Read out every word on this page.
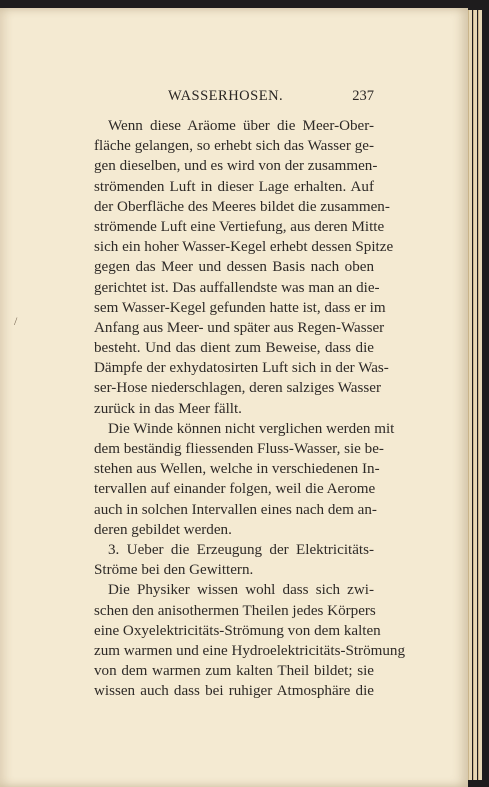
WASSERHOSEN.	237
/
Wenn diese Aräome über die Meer-Ober-
fläche gelangen, so erhebt sich das Wasser ge-
gen dieselben, und es wird von der zusammen-
strömenden Luft in dieser Lage erhalten. Auf
der Oberfläche des Meeres bildet die zusammen-
strömende Luft eine Vertiefung, aus deren Mitte
sich ein hoher Wasser-Kegel erhebt dessen Spitze
gegen das Meer und dessen Basis nach oben
gerichtet ist. Das auffallendste was man an die-
sem Wasser-Kegel gefunden hatte ist, dass er im
Anfang aus Meer- und später aus Regen-Wasser
besteht. Und das dient zum Beweise, dass die
Dämpfe der exhydatosirten Luft sich in der Was-
ser-Hose niederschlagen, deren salziges Wasser
zurück in das Meer fällt.
Die Winde können nicht verglichen werden mit
dem beständig fliessenden Fluss-Wasser, sie be-
stehen aus Wellen, welche in verschiedenen In-
tervallen auf einander folgen, weil die Aerome
auch in solchen Intervallen eines nach dem an-
deren gebildet werden.
3. Ueber die Erzeugung der Elektricitäts-
Ströme bei den Gewittern.
Die Physiker wissen wohl dass sich zwi-
schen den anisothermen Theilen jedes Körpers
eine Oxyelektricitäts-Strömung von dem kalten
zum warmen und eine Hydroelektricitäts-Strömung
von dem warmen zum kalten Theil bildet; sie
wissen auch dass bei ruhiger Atmosphäre die
